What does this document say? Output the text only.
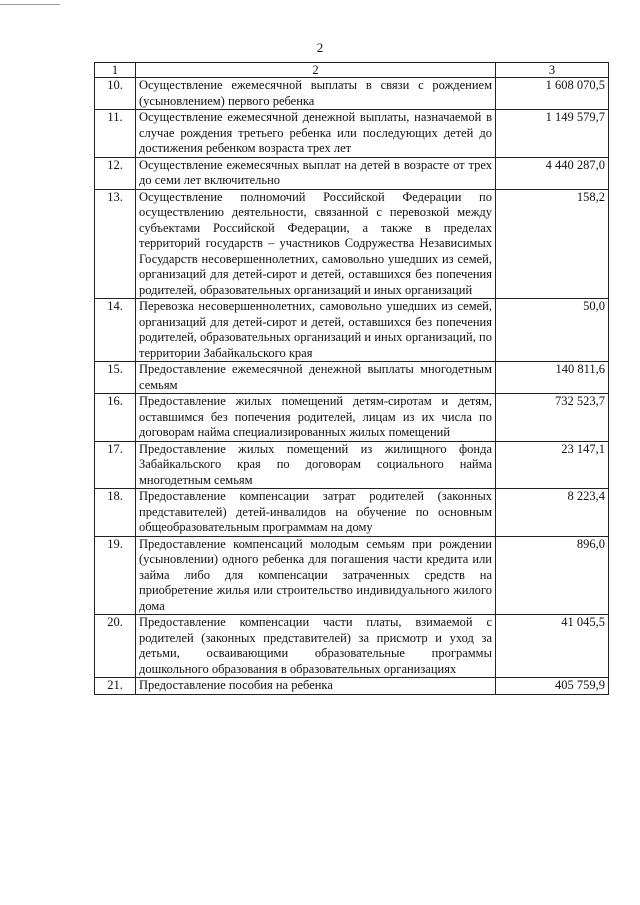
2
1	2	3
10.	Осуществление ежемесячной выплаты в связи с рождением (усыновлением) первого ребенка	1 608 070,5
11.	Осуществление ежемесячной денежной выплаты, назначаемой в случае рождения третьего ребенка или последующих детей до достижения ребенком возраста трех лет	1 149 579,7
12.	Осуществление ежемесячных выплат на детей в возрасте от трех до семи лет включительно	4 440 287,0
13.	Осуществление полномочий Российской Федерации по осуществлению деятельности, связанной с перевозкой между субъектами Российской Федерации, а также в пределах территорий государств – участников Содружества Независимых Государств несовершеннолетних, самовольно ушедших из семей, организаций для детей-сирот и детей, оставшихся без попечения родителей, образовательных организаций и иных организаций	158,2
14.	Перевозка несовершеннолетних, самовольно ушедших из семей, организаций для детей-сирот и детей, оставшихся без попечения родителей, образовательных организаций и иных организаций, по территории Забайкальского края	50,0
15.	Предоставление ежемесячной денежной выплаты многодетным семьям	140 811,6
16.	Предоставление жилых помещений детям-сиротам и детям, оставшимся без попечения родителей, лицам из их числа по договорам найма специализированных жилых помещений	732 523,7
17.	Предоставление жилых помещений из жилищного фонда Забайкальского края по договорам социального найма многодетным семьям	23 147,1
18.	Предоставление компенсации затрат родителей (законных представителей) детей-инвалидов на обучение по основным общеобразовательным программам на дому	8 223,4
19.	Предоставление компенсаций молодым семьям при рождении (усыновлении) одного ребенка для погашения части кредита или займа либо для компенсации затраченных средств на приобретение жилья или строительство индивидуального жилого дома	896,0
20.	Предоставление компенсации части платы, взимаемой с родителей (законных представителей) за присмотр и уход за детьми, осваивающими образовательные программы дошкольного образования в образовательных организациях	41 045,5
21.	Предоставление пособия на ребенка	405 759,9
